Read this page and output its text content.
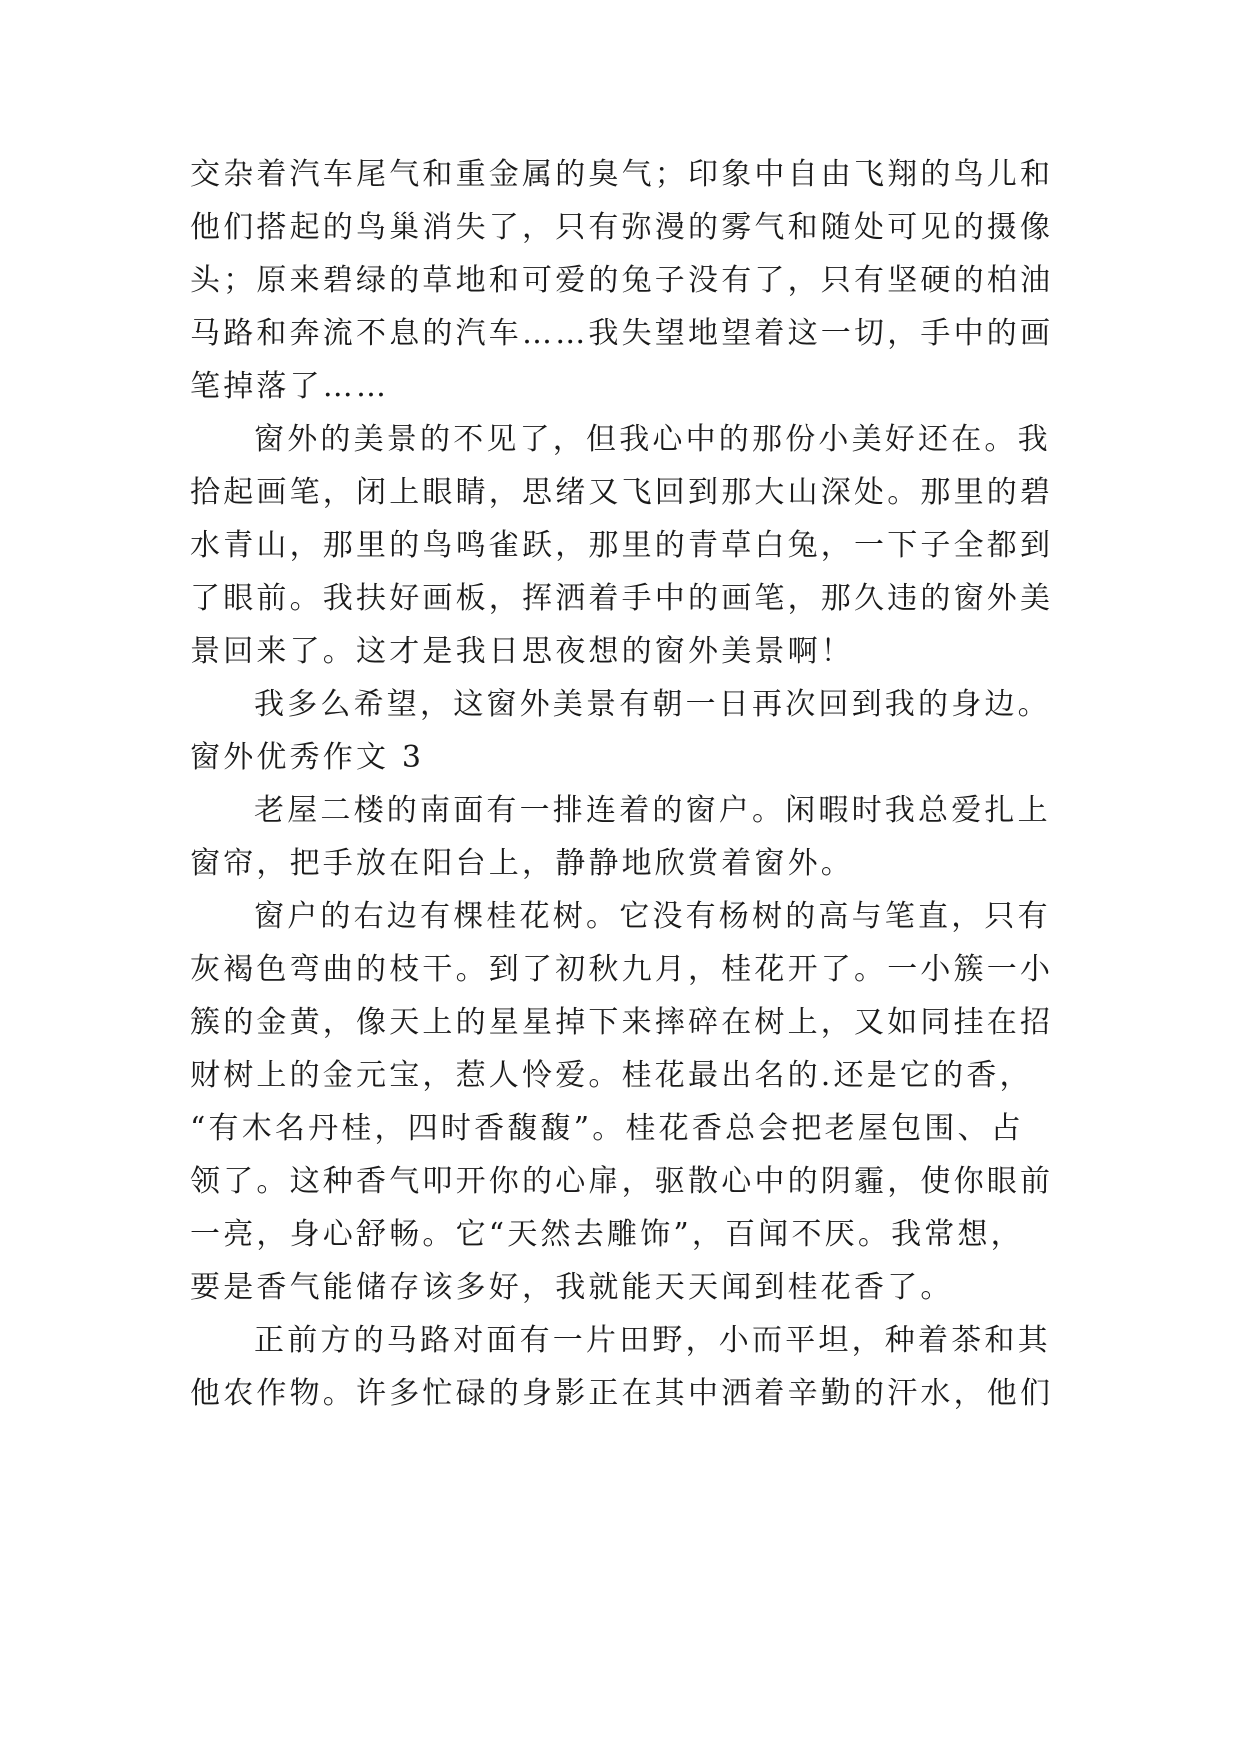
交杂着汽车尾气和重金属的臭气；印象中自由飞翔的鸟儿和
他们搭起的鸟巢消失了，只有弥漫的雾气和随处可见的摄像
头；原来碧绿的草地和可爱的兔子没有了，只有坚硬的柏油
马路和奔流不息的汽车……我失望地望着这一切，手中的画
笔掉落了……
窗外的美景的不见了，但我心中的那份小美好还在。我
拾起画笔，闭上眼睛，思绪又飞回到那大山深处。那里的碧
水青山，那里的鸟鸣雀跃，那里的青草白兔，一下子全都到
了眼前。我扶好画板，挥洒着手中的画笔，那久违的窗外美
景回来了。这才是我日思夜想的窗外美景啊！
我多么希望，这窗外美景有朝一日再次回到我的身边。
窗外优秀作文 3
老屋二楼的南面有一排连着的窗户。闲暇时我总爱扎上
窗帘，把手放在阳台上，静静地欣赏着窗外。
窗户的右边有棵桂花树。它没有杨树的高与笔直，只有
灰褐色弯曲的枝干。到了初秋九月，桂花开了。一小簇一小
簇的金黄，像天上的星星掉下来摔碎在树上，又如同挂在招
财树上的金元宝，惹人怜爱。桂花最出名的.还是它的香，
“有木名丹桂，四时香馥馥”。桂花香总会把老屋包围、占
领了。这种香气叩开你的心扉，驱散心中的阴霾，使你眼前
一亮，身心舒畅。它“天然去雕饰”，百闻不厌。我常想，
要是香气能储存该多好，我就能天天闻到桂花香了。
正前方的马路对面有一片田野，小而平坦，种着茶和其
他农作物。许多忙碌的身影正在其中洒着辛勤的汗水，他们
